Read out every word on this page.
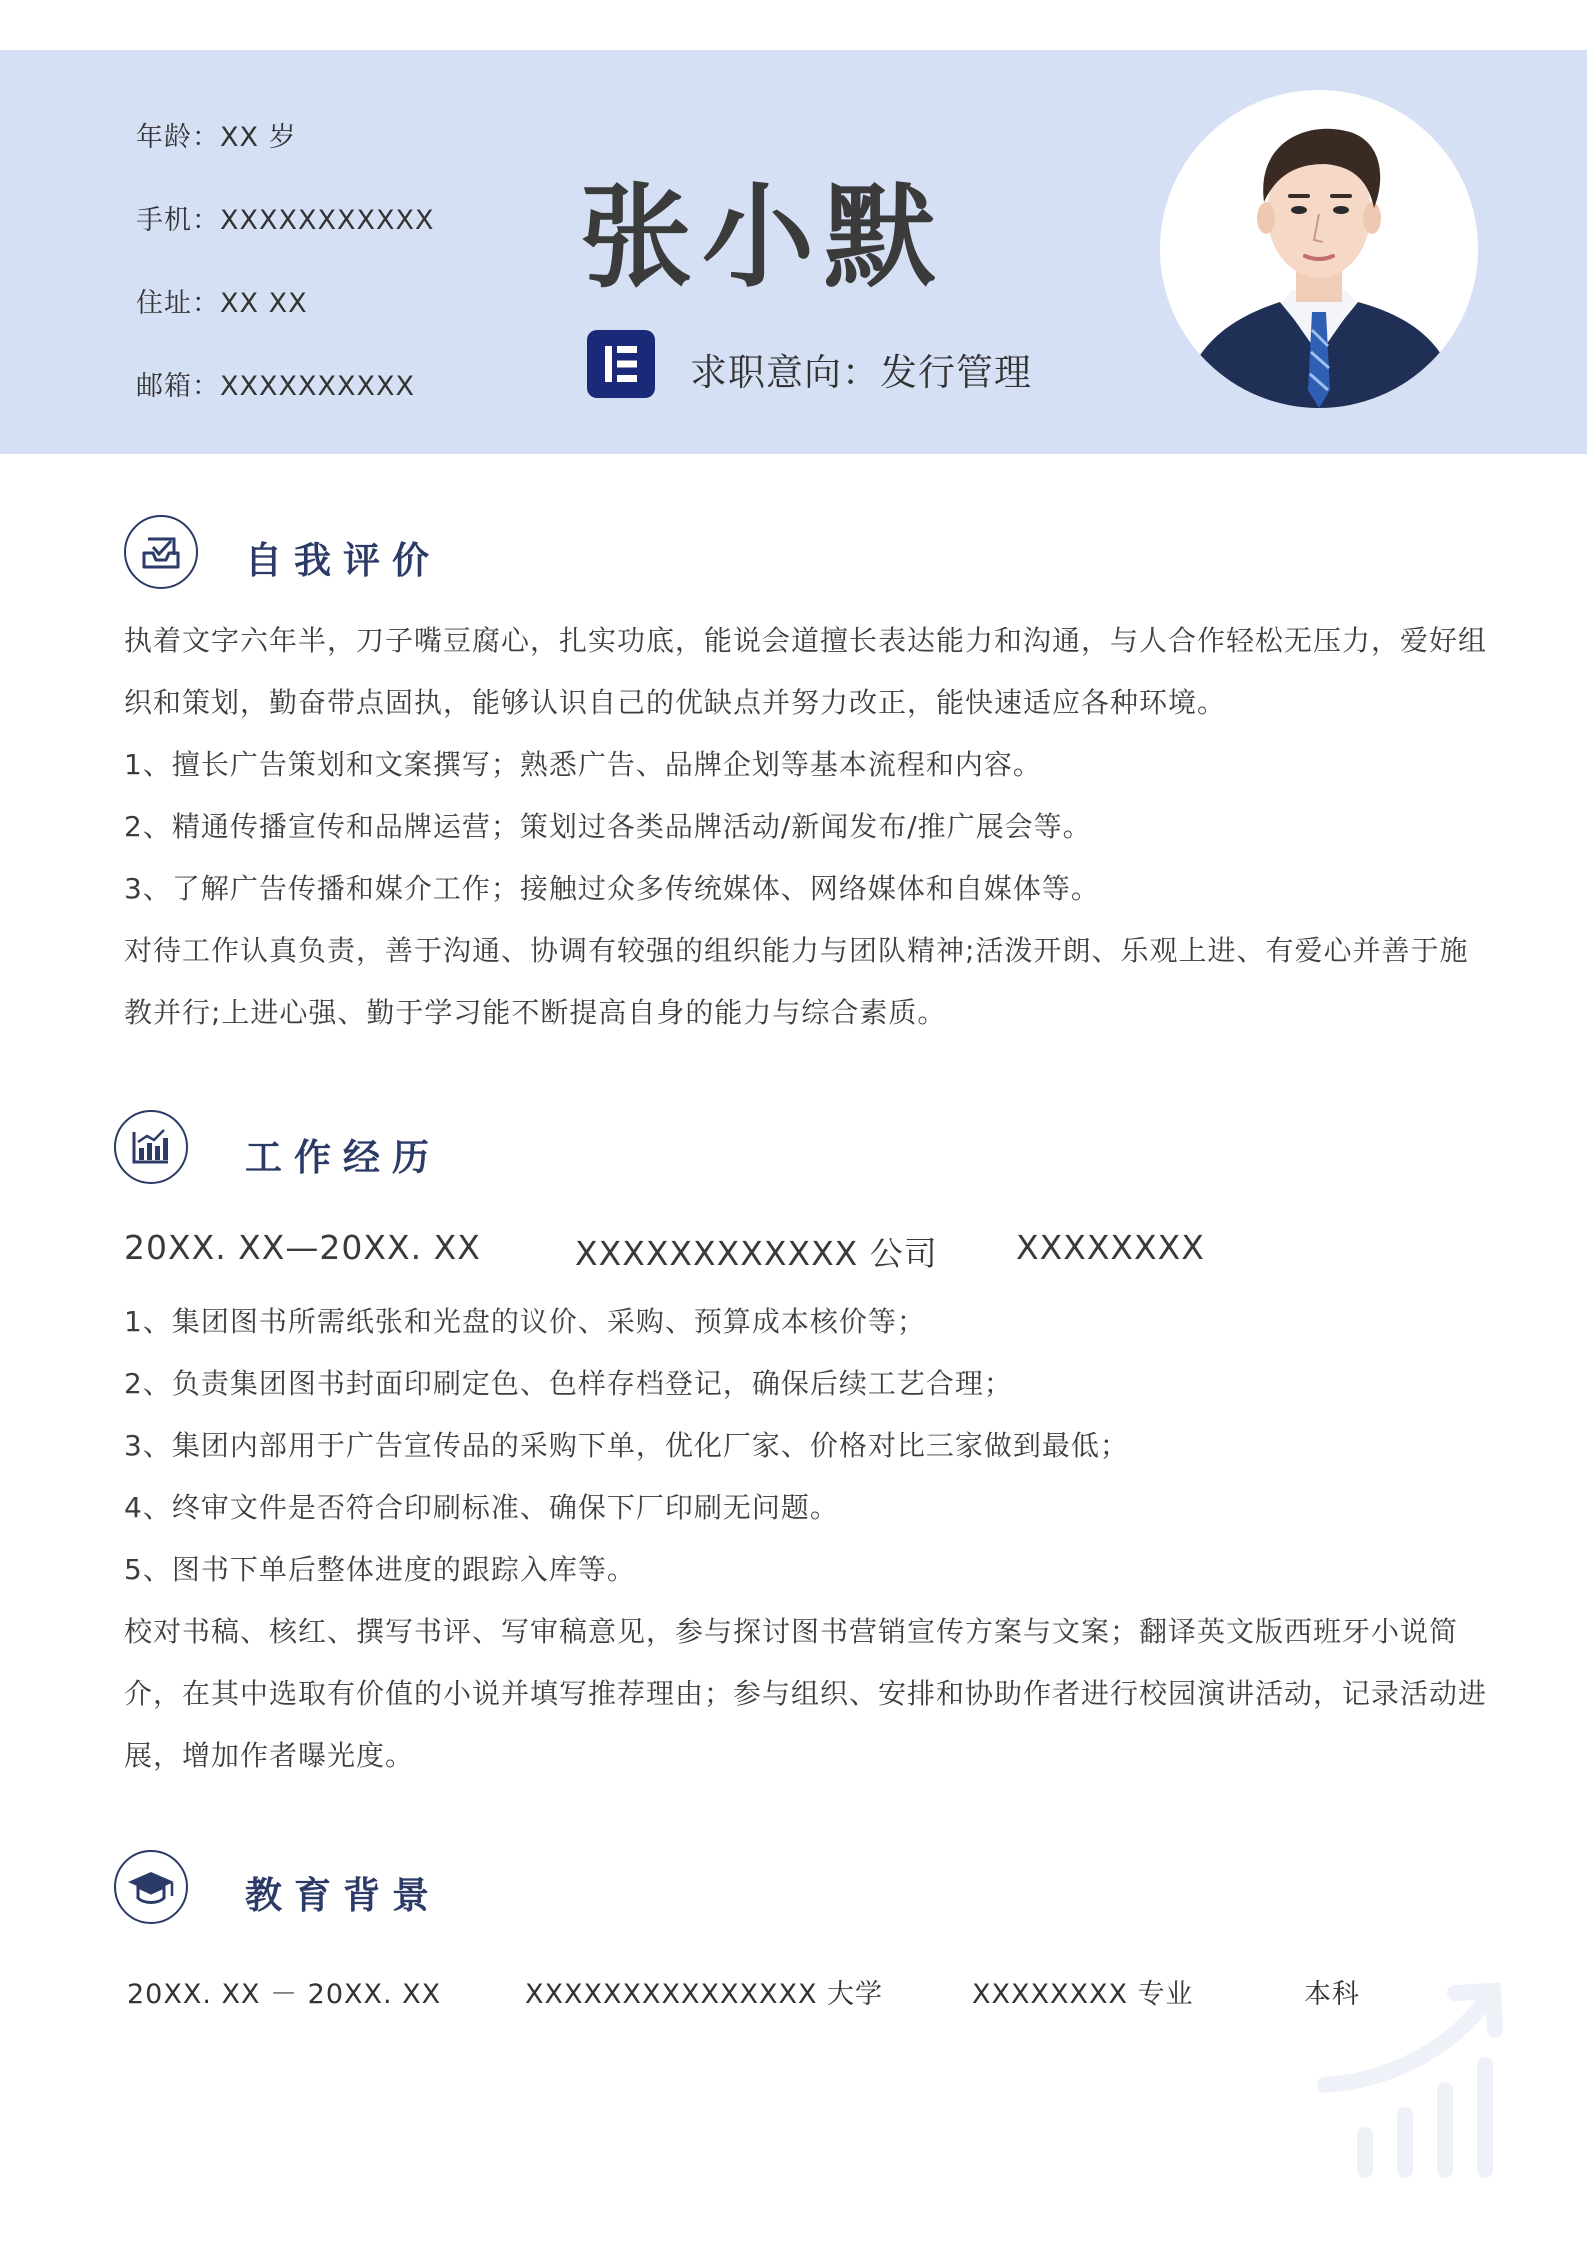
年龄：XX 岁
手机：XXXXXXXXXXX
住址：XX XX
邮箱：XXXXXXXXXX
张小默
求职意向：发行管理
自我评价

执着文字六年半，刀子嘴豆腐心，扎实功底，能说会道擅长表达能力和沟通，与人合作轻松无压力，爱好组织和策划，勤奋带点固执，能够认识自己的优缺点并努力改正，能快速适应各种环境。

1、擅长广告策划和文案撰写；熟悉广告、品牌企划等基本流程和内容。

2、精通传播宣传和品牌运营；策划过各类品牌活动/新闻发布/推广展会等。

3、了解广告传播和媒介工作；接触过众多传统媒体、网络媒体和自媒体等。

对待工作认真负责，善于沟通、协调有较强的组织能力与团队精神;活泼开朗、乐观上进、有爱心并善于施教并行;上进心强、勤于学习能不断提高自身的能力与综合素质。

工作经历
20XX. XX—20XX. XX	XXXXXXXXXXXX 公司 XXXXXXXX

1、集团图书所需纸张和光盘的议价、采购、预算成本核价等；

2、负责集团图书封面印刷定色、色样存档登记，确保后续工艺合理；

3、集团内部用于广告宣传品的采购下单，优化厂家、价格对比三家做到最低；

4、终审文件是否符合印刷标准、确保下厂印刷无问题。

5、图书下单后整体进度的跟踪入库等。

校对书稿、核红、撰写书评、写审稿意见，参与探讨图书营销宣传方案与文案；翻译英文版西班牙小说简介，在其中选取有价值的小说并填写推荐理由；参与组织、安排和协助作者进行校园演讲活动，记录活动进展，增加作者曝光度。

教育背景
20XX. XX － 20XX. XX	XXXXXXXXXXXXXXX 大学	XXXXXXXX 专业	本科
